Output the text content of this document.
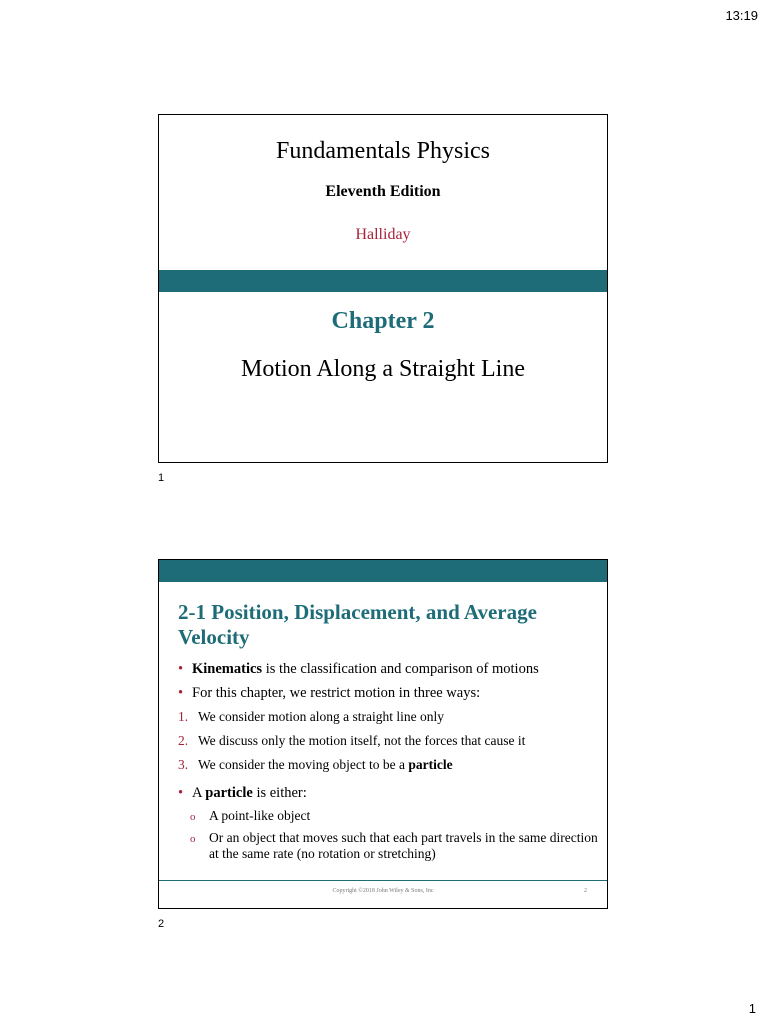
13:19
Fundamentals Physics
Eleventh Edition
Halliday
Chapter 2
Motion Along a Straight Line
1
2-1 Position, Displacement, and Average Velocity
• Kinematics is the classification and comparison of motions
• For this chapter, we restrict motion in three ways:
1. We consider motion along a straight line only
2. We discuss only the motion itself, not the forces that cause it
3. We consider the moving object to be a particle
• A particle is either:
o A point-like object
o Or an object that moves such that each part travels in the same direction at the same rate (no rotation or stretching)
Copyright ©2018 John Wiley & Sons, Inc	2
2
1
